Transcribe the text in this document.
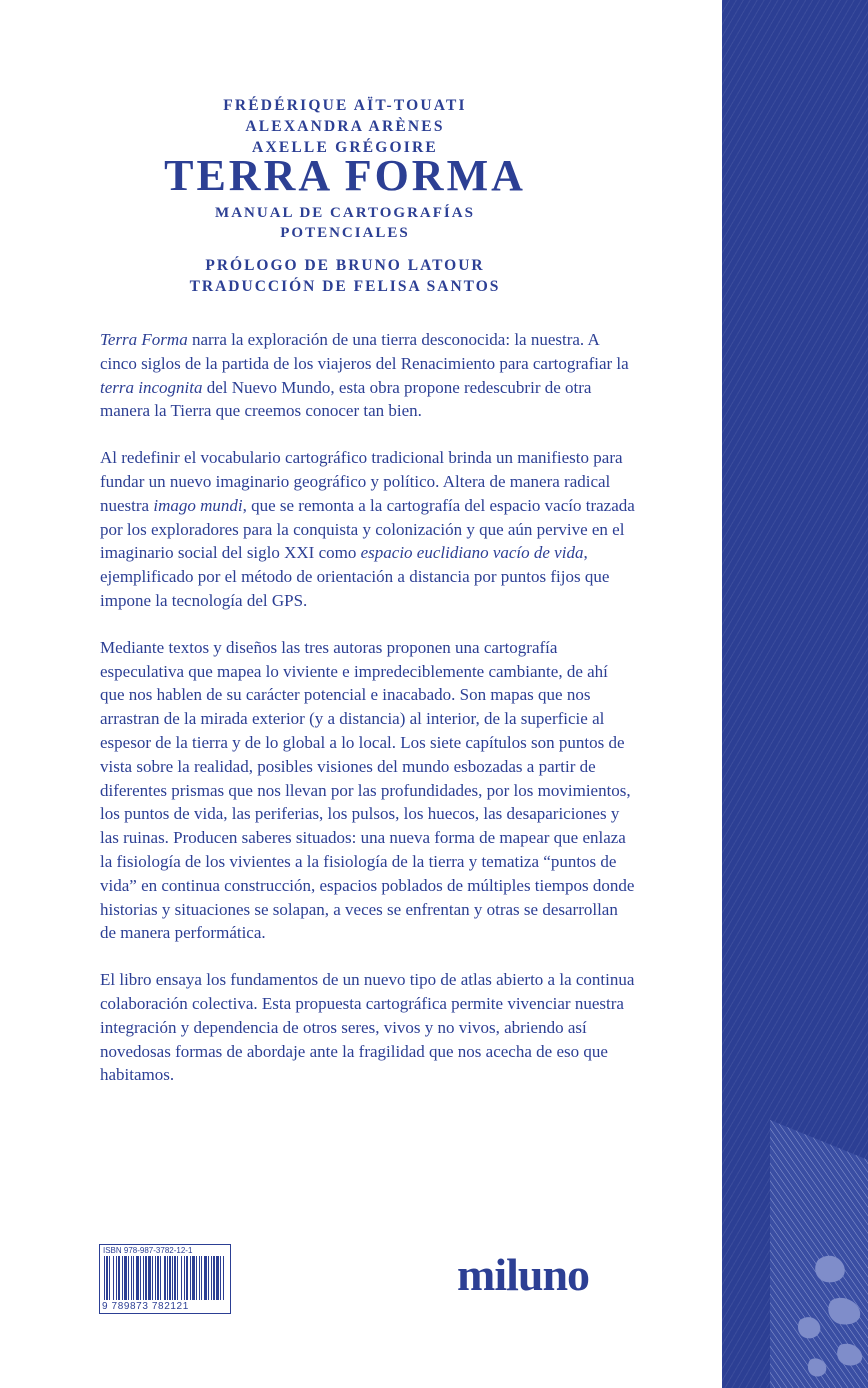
FRÉDÉRIQUE AÏT-TOUATI
ALEXANDRA ARÈNES
AXELLE GRÉGOIRE
TERRA FORMA
MANUAL DE CARTOGRAFÍAS
POTENCIALES
PRÓLOGO DE BRUNO LATOUR
TRADUCCIÓN DE FELISA SANTOS

Terra Forma narra la exploración de una tierra desconocida: la nuestra. A cinco siglos de la partida de los viajeros del Renacimiento para cartografiar la terra incognita del Nuevo Mundo, esta obra propone redescubrir de otra manera la Tierra que creemos conocer tan bien.

Al redefinir el vocabulario cartográfico tradicional brinda un manifiesto para fundar un nuevo imaginario geográfico y político. Altera de manera radical nuestra imago mundi, que se remonta a la cartografía del espacio vacío trazada por los exploradores para la conquista y colonización y que aún pervive en el imaginario social del siglo XXI como espacio euclidiano vacío de vida, ejemplificado por el método de orientación a distancia por puntos fijos que impone la tecnología del GPS.

Mediante textos y diseños las tres autoras proponen una cartografía especulativa que mapea lo viviente e impredeciblemente cambiante, de ahí que nos hablen de su carácter potencial e inacabado. Son mapas que nos arrastran de la mirada exterior (y a distancia) al interior, de la superficie al espesor de la tierra y de lo global a lo local. Los siete capítulos son puntos de vista sobre la realidad, posibles visiones del mundo esbozadas a partir de diferentes prismas que nos llevan por las profundidades, por los movimientos, los puntos de vida, las periferias, los pulsos, los huecos, las desapariciones y las ruinas. Producen saberes situados: una nueva forma de mapear que enlaza la fisiología de los vivientes a la fisiología de la tierra y tematiza “puntos de vida” en continua construcción, espacios poblados de múltiples tiempos donde historias y situaciones se solapan, a veces se enfrentan y otras se desarrollan de manera performática.

El libro ensaya los fundamentos de un nuevo tipo de atlas abierto a la continua colaboración colectiva. Esta propuesta cartográfica permite vivenciar nuestra integración y dependencia de otros seres, vivos y no vivos, abriendo así novedosas formas de abordaje ante la fragilidad que nos acecha de eso que habitamos.

ISBN 978-987-3782-12-1
9 789873 782121
miluno
